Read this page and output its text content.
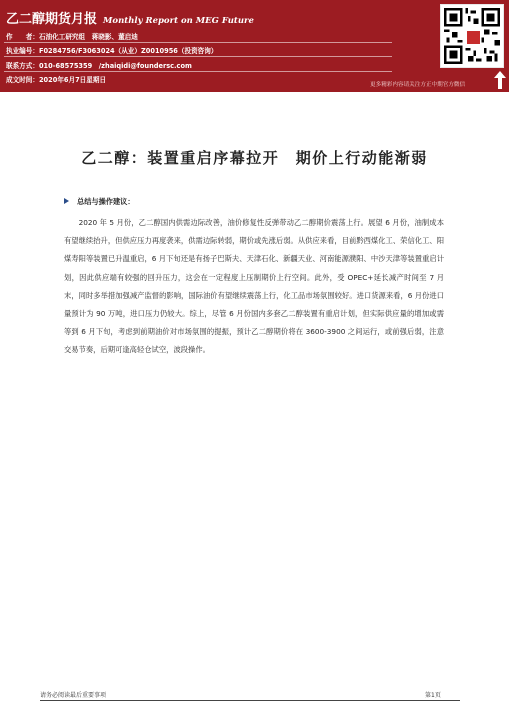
乙二醇期货月报 Monthly Report on MEG Future
作　　者：石油化工研究组　蒋晓影、董启迪
执业编号：F0284756/F3063024（从业）Z0010956（投资咨询）
联系方式：010-68575359　/zhaiqidi@foundersc.com
成文时间：2020年6月7日星期日
更多精彩内容请关注方正中期官方微信
乙二醇：装置重启序幕拉开　期价上行动能渐弱
总结与操作建议：
2020 年 5 月份，乙二醇国内供需边际改善，油价修复性反弹带动乙二醇期价震荡上行。展望 6 月份，油制成本有望继续抬升，但供应压力再度袭来，供需边际转弱，期价或先涨后弱。从供应来看，目前黔西煤化工、荣信化工、阳煤寿阳等装置已升温重启，6 月下旬还是有扬子巴斯夫、天津石化、新疆天业、河南能源濮阳、中沙天津等装置重启计划，因此供应端有较强的回升压力，这会在一定程度上压制期价上行空间。此外，受 OPEC+延长减产时间至 7 月末，同时多举措加强减产监督的影响，国际油价有望继续震荡上行，化工品市场氛围较好。进口货源来看，6 月份进口量预计为 90 万吨，进口压力仍较大。综上，尽管 6 月份国内多套乙二醇装置有重启计划，但实际供应量的增加或需等到 6 月下旬，考虑到前期油价对市场氛围的提振，预计乙二醇期价将在 3600-3900 之间运行，或前强后弱，注意交易节奏，后期可逢高轻仓试空，波段操作。
请务必阅读最后重要事项	第1页
